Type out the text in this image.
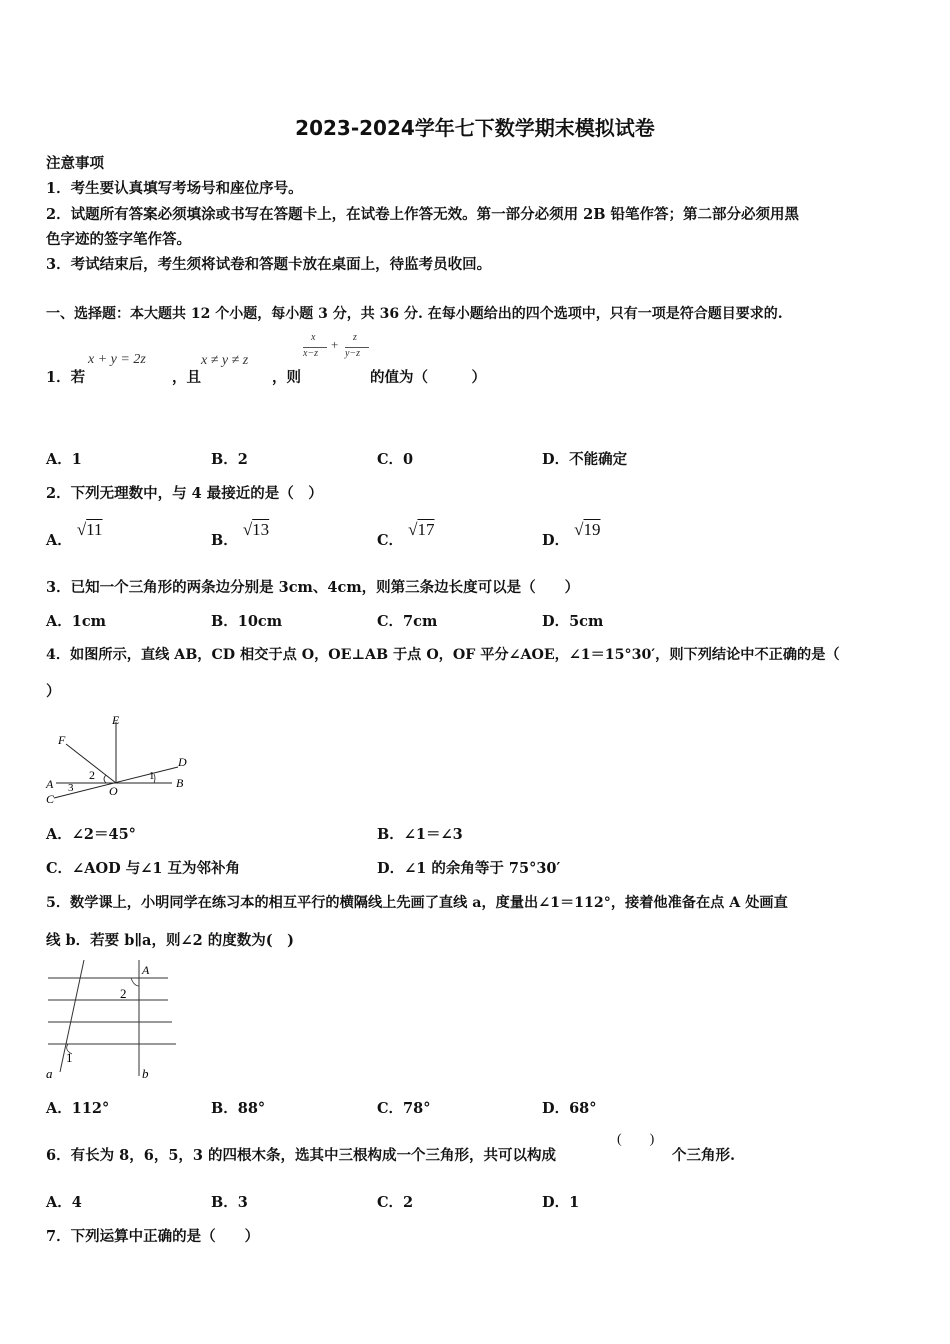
2023-2024学年七下数学期末模拟试卷
注意事项
1．考生要认真填写考场号和座位序号。
2．试题所有答案必须填涂或书写在答题卡上，在试卷上作答无效。第一部分必须用 2B 铅笔作答；第二部分必须用黑
色字迹的签字笔作答。
3．考试结束后，考生须将试卷和答题卡放在桌面上，待监考员收回。
一、选择题：本大题共 12 个小题，每小题 3 分，共 36 分. 在每小题给出的四个选项中，只有一项是符合题目要求的.
1．若
x + y = 2z
，且
x ≠ y ≠ z
，则
x
x−z
+ z
y−z
的值为（　　　）
A．1	B．2	C．0	D．不能确定
2．下列无理数中，与 4 最接近的是（　）
A． √11
B． √13
C． √17
D． √19
3．已知一个三角形的两条边分别是 3cm、4cm，则第三条边长度可以是（　　）
A．1cm	B．10cm	C．7cm	D．5cm
4．如图所示，直线 AB，CD 相交于点 O，OE⊥AB 于点 O，OF 平分∠AOE，∠1＝15°30′，则下列结论中不正确的是（
）
E
F
D
2	1
A 3	B
O
C
A．∠2＝45°	B．∠1＝∠3
C．∠AOD 与∠1 互为邻补角	D．∠1 的余角等于 75°30′
5．数学课上，小明同学在练习本的相互平行的横隔线上先画了直线 a，度量出∠1＝112°，接着他准备在点 A 处画直
线 b．若要 b∥a，则∠2 的度数为(　)
A
2
1
a	b
A．112°	B．88°	C．78°	D．68°
6．有长为 8，6，5，3 的四根木条，选其中三根构成一个三角形，共可以构成
(　　)
个三角形.
A．4	B．3	C．2	D．1
7．下列运算中正确的是（　　）
